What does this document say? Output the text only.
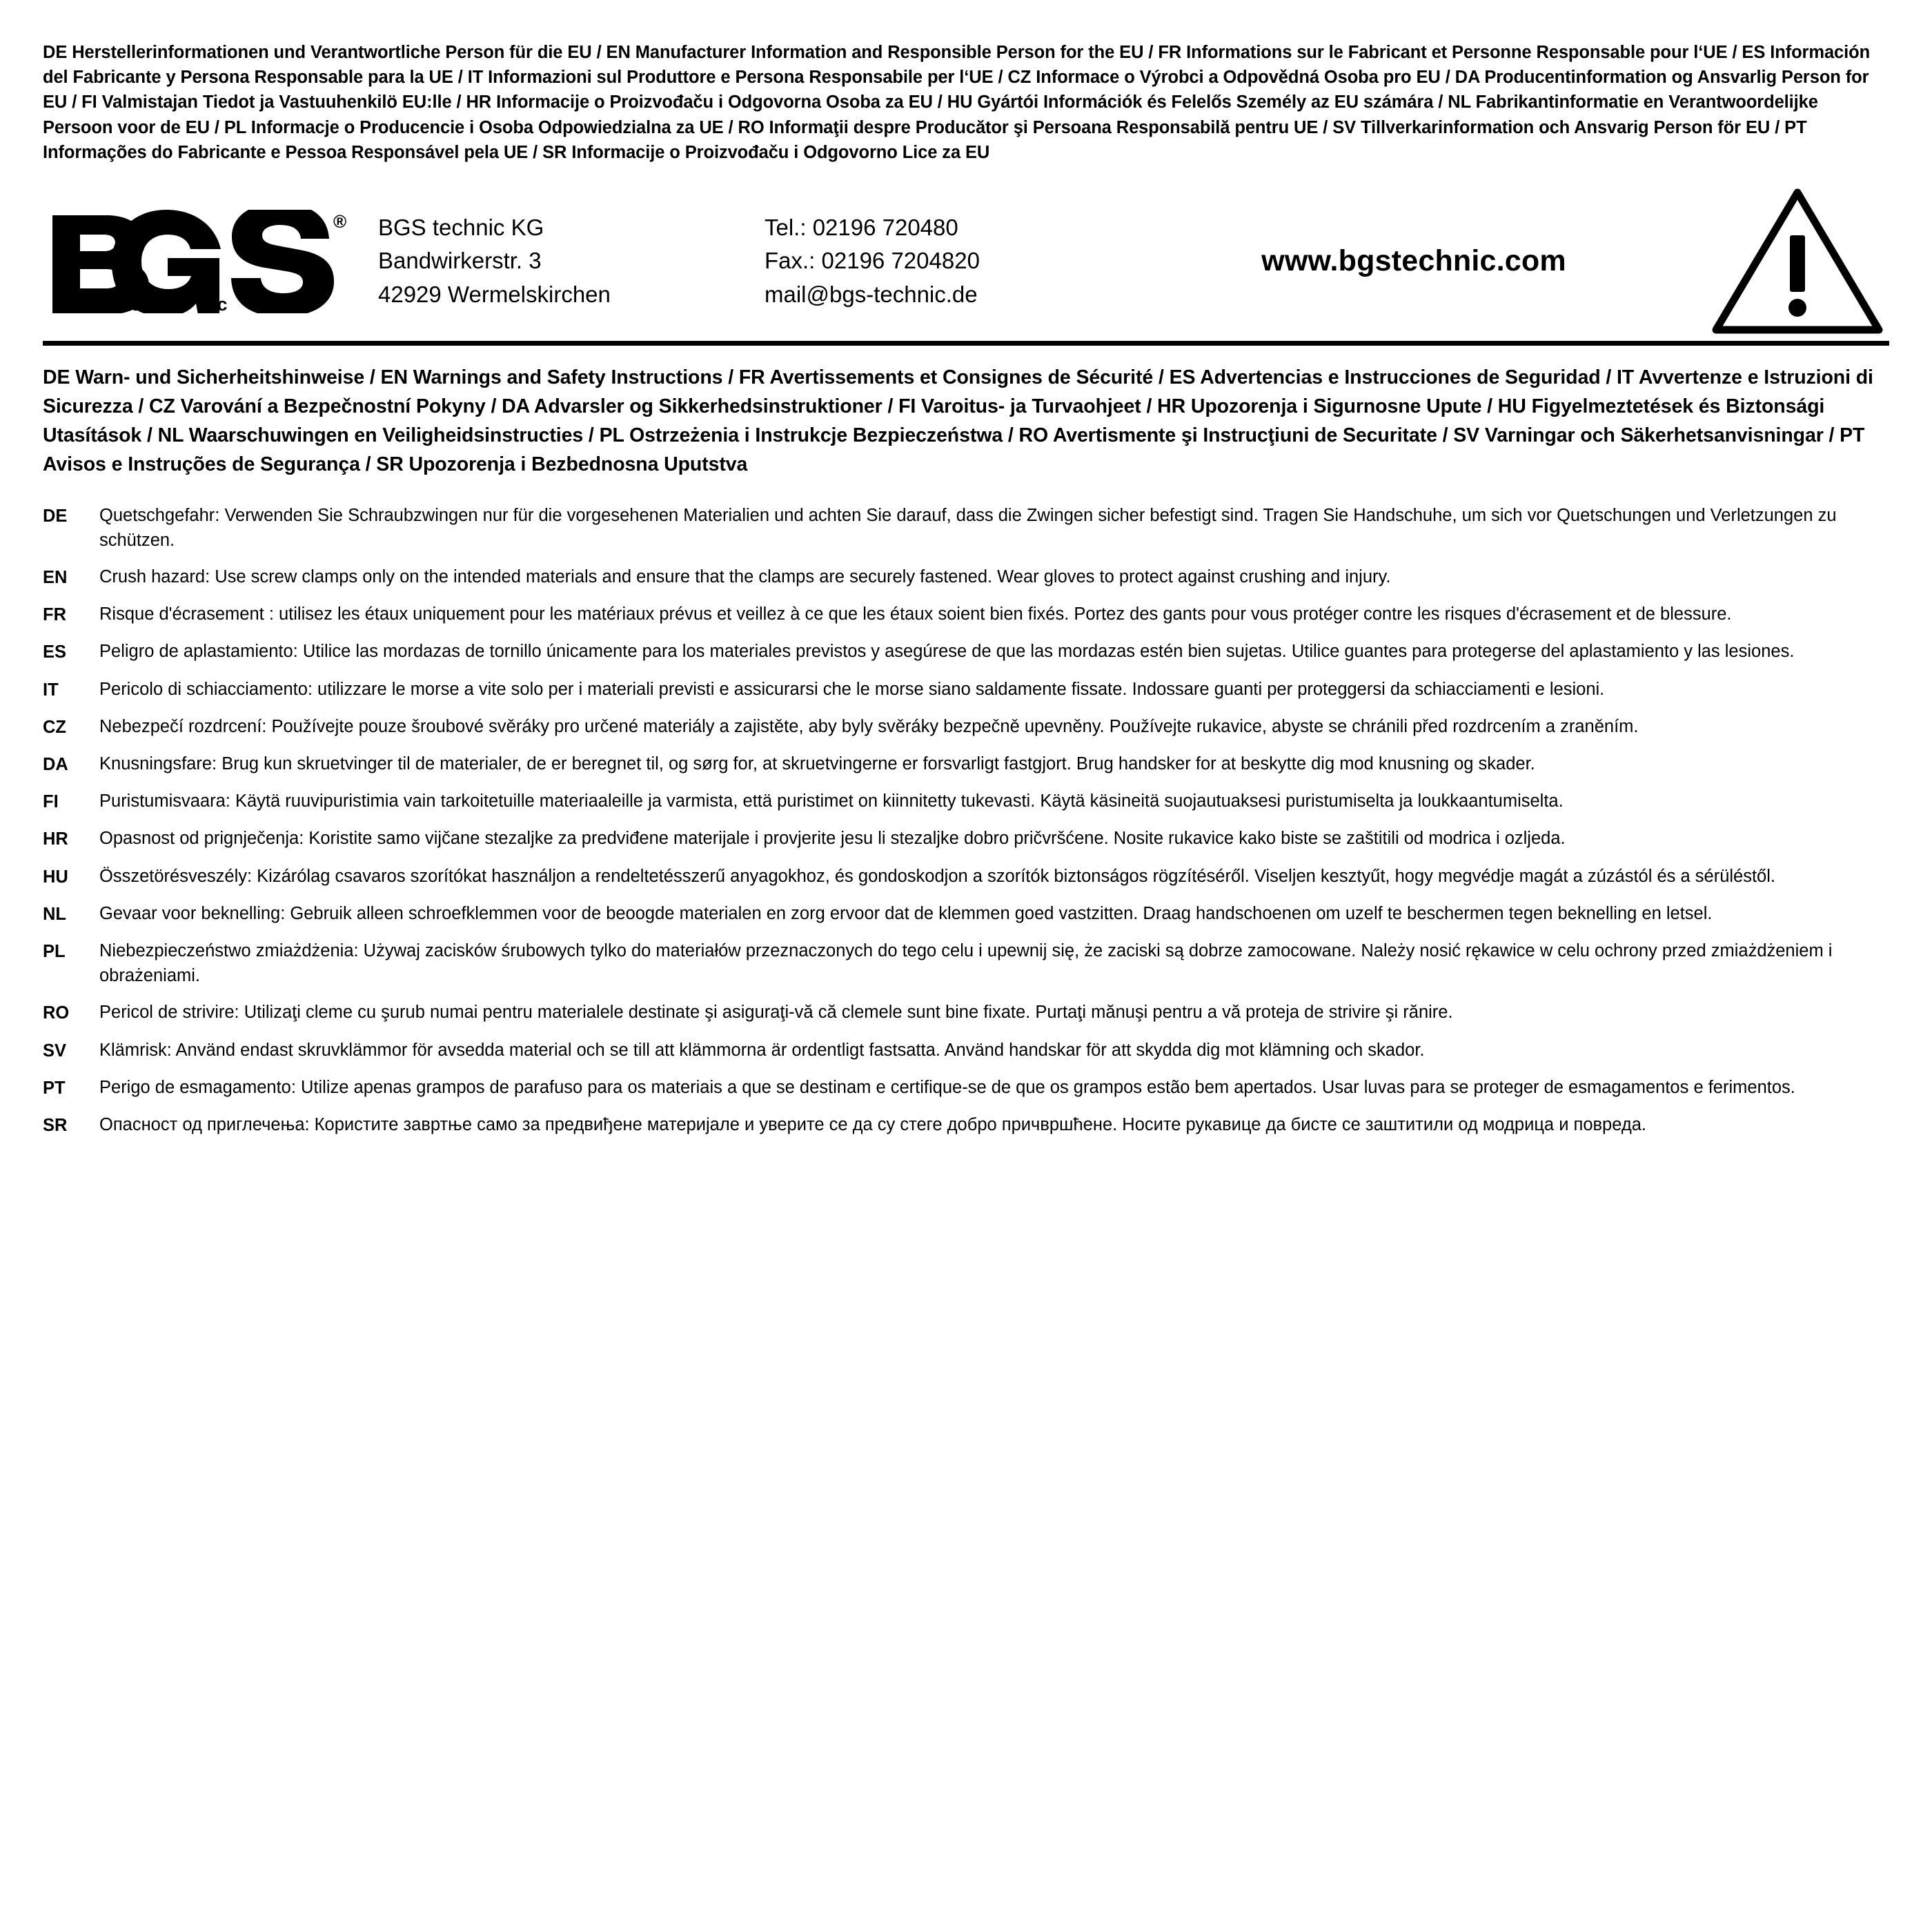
DE Herstellerinformationen und Verantwortliche Person für die EU / EN Manufacturer Information and Responsible Person for the EU / FR Informations sur le Fabricant et Personne Responsable pour l‘UE / ES Información del Fabricante y Persona Responsable para la UE / IT Informazioni sul Produttore e Persona Responsabile per l‘UE / CZ Informace o Výrobci a Odpovědná Osoba pro EU / DA Producentinformation og Ansvarlig Person for EU / FI Valmistajan Tiedot ja Vastuuhenkilö EU:lle / HR Informacije o Proizvođaču i Odgovorna Osoba za EU / HU Gyártói Információk és Felelős Személy az EU számára / NL Fabrikantinformatie en Verantwoordelijke Persoon voor de EU / PL Informacje o Producencie i Osoba Odpowiedzialna za UE / RO Informaţii despre Producător şi Persoana Responsabilă pentru UE / SV Tillverkarinformation och Ansvarig Person för EU / PT Informações do Fabricante e Pessoa Responsável pela UE / SR Informacije o Proizvođaču i Odgovorno Lice za EU
®
t e c h n i c
BGS technic KG
Bandwirkerstr. 3
42929 Wermelskirchen
Tel.: 02196 720480
Fax.: 02196 7204820
mail@bgs-technic.de
www.bgstechnic.com
DE Warn- und Sicherheitshinweise / EN Warnings and Safety Instructions / FR Avertissements et Consignes de Sécurité / ES Advertencias e Instrucciones de Seguridad / IT Avvertenze e Istruzioni di Sicurezza / CZ Varování a Bezpečnostní Pokyny / DA Advarsler og Sikkerhedsinstruktioner / FI Varoitus- ja Turvaohjeet / HR Upozorenja i Sigurnosne Upute / HU Figyelmeztetések és Biztonsági Utasítások / NL Waarschuwingen en Veiligheidsinstructies / PL Ostrzeżenia i Instrukcje Bezpieczeństwa / RO Avertismente şi Instrucţiuni de Securitate / SV Varningar och Säkerhetsanvisningar / PT Avisos e Instruções de Segurança / SR Upozorenja i Bezbednosna Uputstva
DE	Quetschgefahr: Verwenden Sie Schraubzwingen nur für die vorgesehenen Materialien und achten Sie darauf, dass die Zwingen sicher befestigt sind. Tragen Sie Handschuhe, um sich vor Quetschungen und Verletzungen zu schützen.
EN	Crush hazard: Use screw clamps only on the intended materials and ensure that the clamps are securely fastened. Wear gloves to protect against crushing and injury.
FR	Risque d'écrasement : utilisez les étaux uniquement pour les matériaux prévus et veillez à ce que les étaux soient bien fixés. Portez des gants pour vous protéger contre les risques d'écrasement et de blessure.
ES	Peligro de aplastamiento: Utilice las mordazas de tornillo únicamente para los materiales previstos y asegúrese de que las mordazas estén bien sujetas. Utilice guantes para protegerse del aplastamiento y las lesiones.
IT	Pericolo di schiacciamento: utilizzare le morse a vite solo per i materiali previsti e assicurarsi che le morse siano saldamente fissate. Indossare guanti per proteggersi da schiacciamenti e lesioni.
CZ	Nebezpečí rozdrcení: Používejte pouze šroubové svěráky pro určené materiály a zajistěte, aby byly svěráky bezpečně upevněny. Používejte rukavice, abyste se chránili před rozdrcením a zraněním.
DA	Knusningsfare: Brug kun skruetvinger til de materialer, de er beregnet til, og sørg for, at skruetvingerne er forsvarligt fastgjort. Brug handsker for at beskytte dig mod knusning og skader.
FI	Puristumisvaara: Käytä ruuvipuristimia vain tarkoitetuille materiaaleille ja varmista, että puristimet on kiinnitetty tukevasti. Käytä käsineitä suojautuaksesi puristumiselta ja loukkaantumiselta.
HR	Opasnost od prignječenja: Koristite samo vijčane stezaljke za predviđene materijale i provjerite jesu li stezaljke dobro pričvršćene. Nosite rukavice kako biste se zaštitili od modrica i ozljeda.
HU	Összetörésveszély: Kizárólag csavaros szorítókat használjon a rendeltetésszerű anyagokhoz, és gondoskodjon a szorítók biztonságos rögzítéséről. Viseljen kesztyűt, hogy megvédje magát a zúzástól és a sérüléstől.
NL	Gevaar voor beknelling: Gebruik alleen schroefklemmen voor de beoogde materialen en zorg ervoor dat de klemmen goed vastzitten. Draag handschoenen om uzelf te beschermen tegen beknelling en letsel.
PL	Niebezpieczeństwo zmiażdżenia: Używaj zacisków śrubowych tylko do materiałów przeznaczonych do tego celu i upewnij się, że zaciski są dobrze zamocowane. Należy nosić rękawice w celu ochrony przed zmiażdżeniem i obrażeniami.
RO	Pericol de strivire: Utilizaţi cleme cu şurub numai pentru materialele destinate şi asiguraţi-vă că clemele sunt bine fixate. Purtaţi mănuşi pentru a vă proteja de strivire şi rănire.
SV	Klämrisk: Använd endast skruvklämmor för avsedda material och se till att klämmorna är ordentligt fastsatta. Använd handskar för att skydda dig mot klämning och skador.
PT	Perigo de esmagamento: Utilize apenas grampos de parafuso para os materiais a que se destinam e certifique-se de que os grampos estão bem apertados. Usar luvas para se proteger de esmagamentos e ferimentos.
SR	Опасност од приглечења: Користите завртње само за предвиђене материјале и уверите се да су стеге добро причвршћене. Носите рукавице да бисте се заштитили од модрица и повреда.
